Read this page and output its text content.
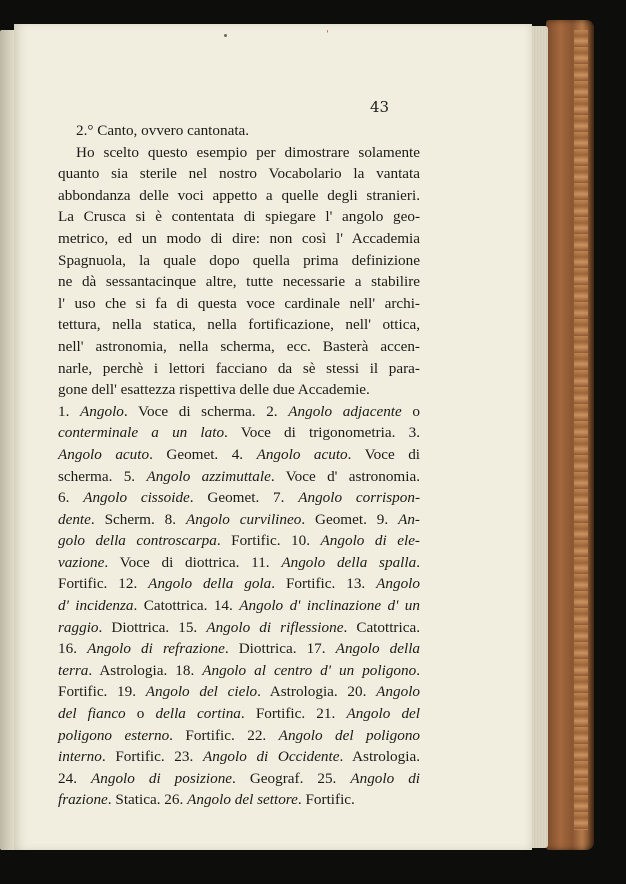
ˈ
43
2.° Canto, ovvero cantonata.
Ho scelto questo esempio per dimostrare solamente
quanto sia sterile nel nostro Vocabolario la vantata
abbondanza delle voci appetto a quelle degli stranieri.
La Crusca si è contentata di spiegare l' angolo geo-
metrico, ed un modo di dire: non così l' Accademia
Spagnuola, la quale dopo quella prima definizione
ne dà sessantacinque altre, tutte necessarie a stabilire
l' uso che si fa di questa voce cardinale nell' archi-
tettura, nella statica, nella fortificazione, nell' ottica,
nell' astronomia, nella scherma, ecc. Basterà accen-
narle, perchè i lettori facciano da sè stessi il para-
gone dell' esattezza rispettiva delle due Accademie.
1. Angolo. Voce di scherma. 2. Angolo adjacente o
conterminale a un lato. Voce di trigonometria. 3.
Angolo acuto. Geomet. 4. Angolo acuto. Voce di
scherma. 5. Angolo azzimuttale. Voce d' astronomia.
6. Angolo cissoide. Geomet. 7. Angolo corrispon-
dente. Scherm. 8. Angolo curvilineo. Geomet. 9. An-
golo della controscarpa. Fortific. 10. Angolo di ele-
vazione. Voce di diottrica. 11. Angolo della spalla.
Fortific. 12. Angolo della gola. Fortific. 13. Angolo
d' incidenza. Catottrica. 14. Angolo d' inclinazione d' un
raggio. Diottrica. 15. Angolo di riflessione. Catottrica.
16. Angolo di refrazione. Diottrica. 17. Angolo della
terra. Astrologia. 18. Angolo al centro d' un poligono.
Fortific. 19. Angolo del cielo. Astrologia. 20. Angolo
del fianco o della cortina. Fortific. 21. Angolo del
poligono esterno. Fortific. 22. Angolo del poligono
interno. Fortific. 23. Angolo di Occidente. Astrologia.
24. Angolo di posizione. Geograf. 25. Angolo di
frazione. Statica. 26. Angolo del settore. Fortific.
